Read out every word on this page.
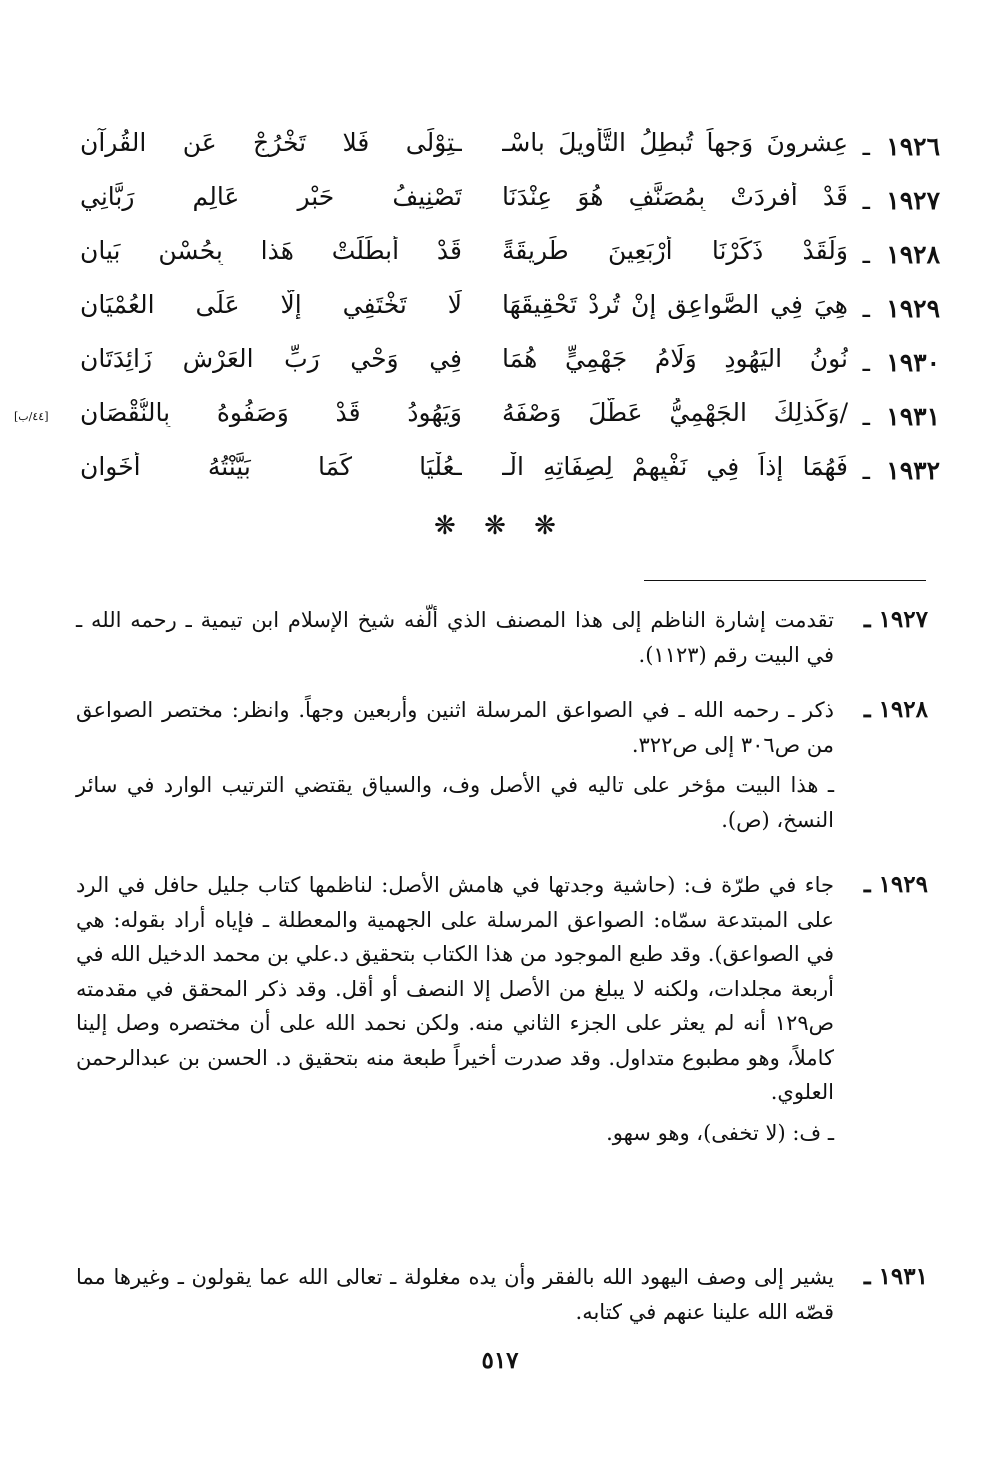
١٩٢٦
ـ
عِشرونَ وَجهاً تُبطِلُ التَّأويلَ باسْـ
ـتِوْلَى فَلا تَخْرُجْ عَنِ القُرآنِ
١٩٢٧
ـ
قَدْ أُفرِدَتْ بِمُصَنَّفٍ هُوَ عِنْدَنَا
تَصْنِيفُ حَبْرٍ عَالِمٍ رَبَّانِي
١٩٢٨
ـ
وَلَقَدْ ذَكَرْنَا أرْبَعِينَ طَرِيقَةً
قَدْ أبطَلَتْ هَذا بِحُسْنِ بَيانِ
١٩٢٩
ـ
هِيَ فِي الصَّواعِقِ إنْ تُرِدْ تَحْقِيقَهَا
لَا تَخْتَفِي إلَّا عَلَى العُمْيَانِ
١٩٣٠
ـ
نُونُ اليَهُودِ وَلَامُ جَهْمِيٍّ هُمَا
فِي وَحْيِ رَبِّ العَرْشِ زَائِدَتَانِ
١٩٣١
ـ
/وَكَذلِكَ الجَهْمِيُّ عَطَّلَ وَصْفَهُ
وَيَهُودُ قَدْ وَصَفُوهُ بِالنُّقْصَانِ
[٤٤/ب]
١٩٣٢
ـ
فَهُمَا إذاً فِي نَفْيِهِمْ لِصِفَاتِهِ الْـ
ـعُلْيَا كَمَا بَيَّنْتُهُ أخَوانِ
❋ ❋ ❋
١٩٢٧ ـ

تقدمت إشارة الناظم إلى هذا المصنف الذي ألّفه شيخ الإسلام ابن تيمية ـ رحمه الله ـ في البيت رقم (١١٢٣).

١٩٢٨ ـ

ذكر ـ رحمه الله ـ في الصواعق المرسلة اثنين وأربعين وجهاً. وانظر: مختصر الصواعق من ص٣٠٦ إلى ص٣٢٢.

ـ هذا البيت مؤخر على تاليه في الأصل وف، والسياق يقتضي الترتيب الوارد في سائر النسخ، (ص).

١٩٢٩ ـ

جاء في طرّة ف: (حاشية وجدتها في هامش الأصل: لناظمها كتاب جليل حافل في الرد على المبتدعة سمّاه: الصواعق المرسلة على الجهمية والمعطلة ـ فإياه أراد بقوله: هي في الصواعق). وقد طبع الموجود من هذا الكتاب بتحقيق د.علي بن محمد الدخيل الله في أربعة مجلدات، ولكنه لا يبلغ من الأصل إلا النصف أو أقل. وقد ذكر المحقق في مقدمته ص١٢٩ أنه لم يعثر على الجزء الثاني منه. ولكن نحمد الله على أن مختصره وصل إلينا كاملاً، وهو مطبوع متداول. وقد صدرت أخيراً طبعة منه بتحقيق د. الحسن بن عبدالرحمن العلوي.

ـ ف: (لا تخفى)، وهو سهو.

١٩٣١ ـ

يشير إلى وصف اليهود الله بالفقر وأن يده مغلولة ـ تعالى الله عما يقولون ـ وغيرها مما قصّه الله علينا عنهم في كتابه.

٥١٧
